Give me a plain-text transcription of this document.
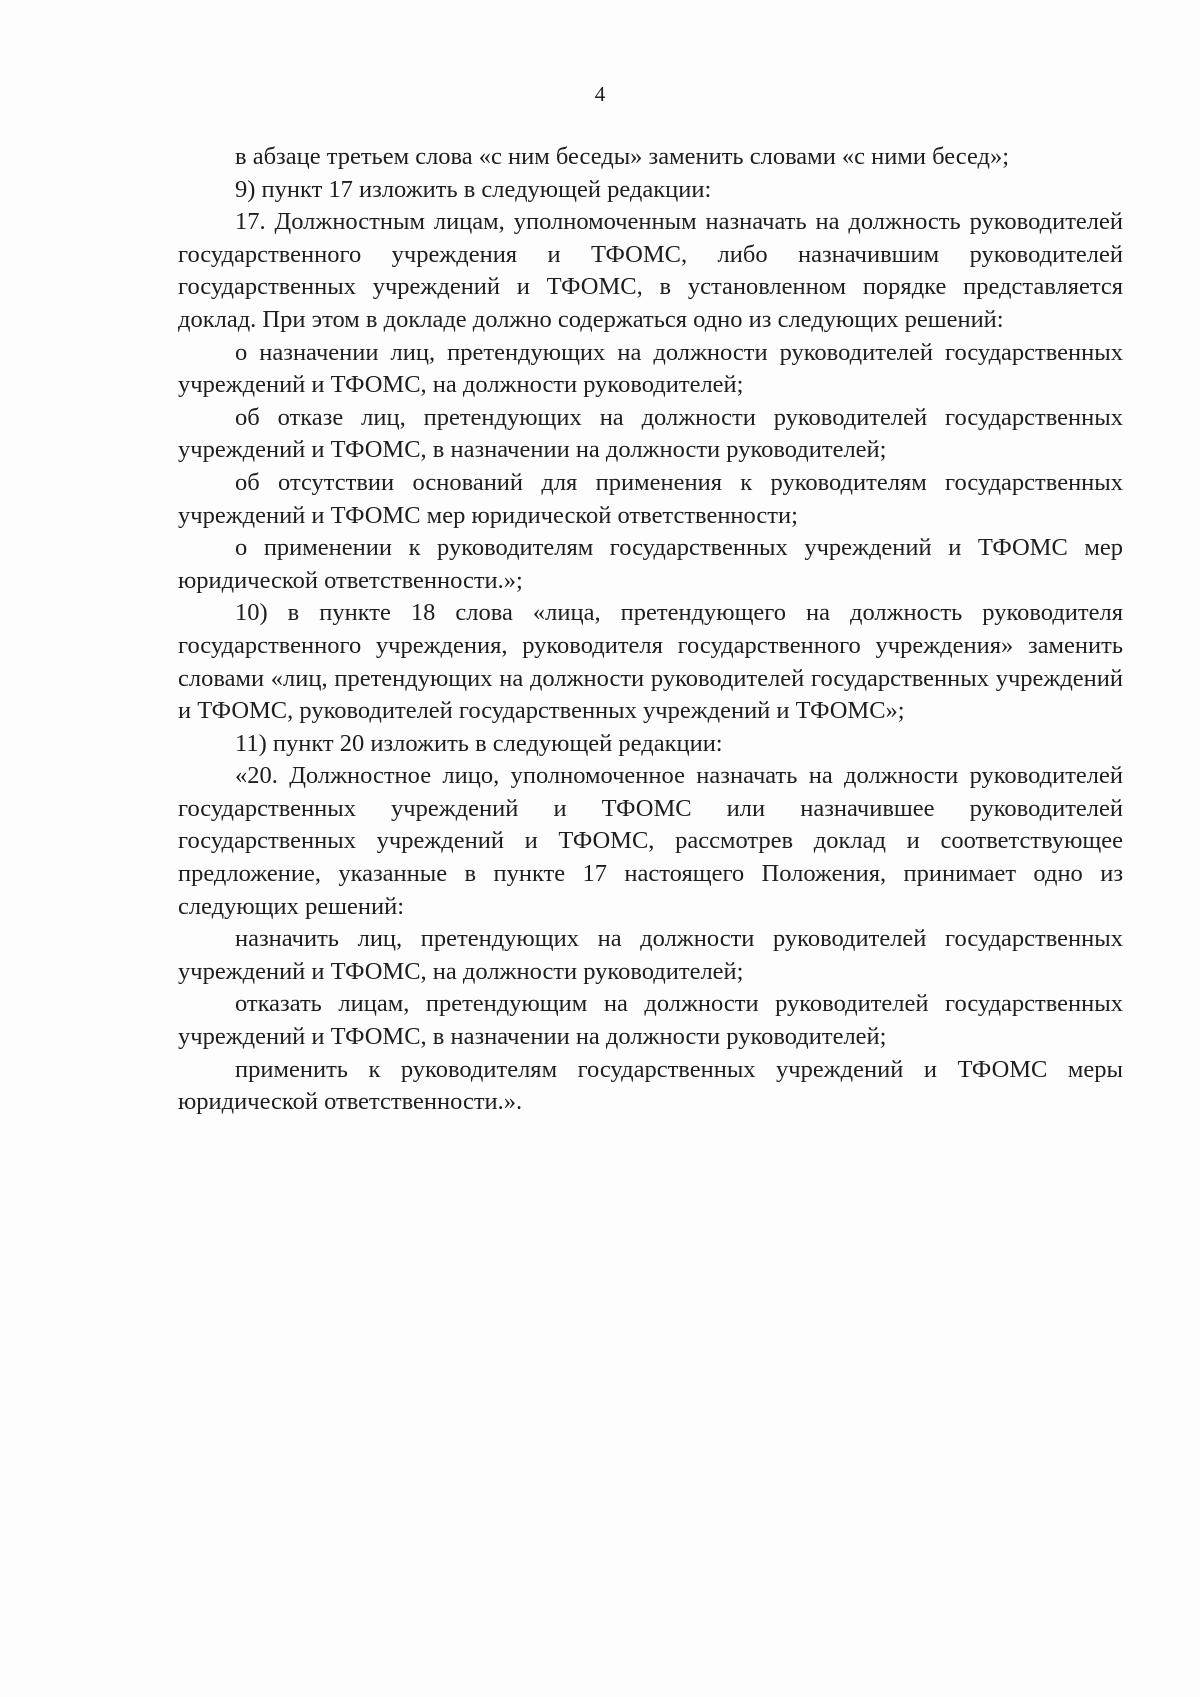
4

в абзаце третьем слова «с ним беседы» заменить словами «с ними бесед»;

9) пункт 17 изложить в следующей редакции:

17. Должностным лицам, уполномоченным назначать на должность руководителей государственного учреждения и ТФОМС, либо назначившим руководителей государственных учреждений и ТФОМС, в установленном порядке представляется доклад. При этом в докладе должно содержаться одно из следующих решений:

о назначении лиц, претендующих на должности руководителей государственных учреждений и ТФОМС, на должности руководителей;

об отказе лиц, претендующих на должности руководителей государственных учреждений и ТФОМС, в назначении на должности руководителей;

об отсутствии оснований для применения к руководителям государственных учреждений и ТФОМС мер юридической ответственности;

о применении к руководителям государственных учреждений и ТФОМС мер юридической ответственности.»;

10) в пункте 18 слова «лица, претендующего на должность руководителя государственного учреждения, руководителя государственного учреждения» заменить словами «лиц, претендующих на должности руководителей государственных учреждений и ТФОМС, руководителей государственных учреждений и ТФОМС»;

11) пункт 20 изложить в следующей редакции:

«20. Должностное лицо, уполномоченное назначать на должности руководителей государственных учреждений и ТФОМС или назначившее руководителей государственных учреждений и ТФОМС, рассмотрев доклад и соответствующее предложение, указанные в пункте 17 настоящего Положения, принимает одно из следующих решений:

назначить лиц, претендующих на должности руководителей государственных учреждений и ТФОМС, на должности руководителей;

отказать лицам, претендующим на должности руководителей государственных учреждений и ТФОМС, в назначении на должности руководителей;

применить к руководителям государственных учреждений и ТФОМС меры юридической ответственности.».
